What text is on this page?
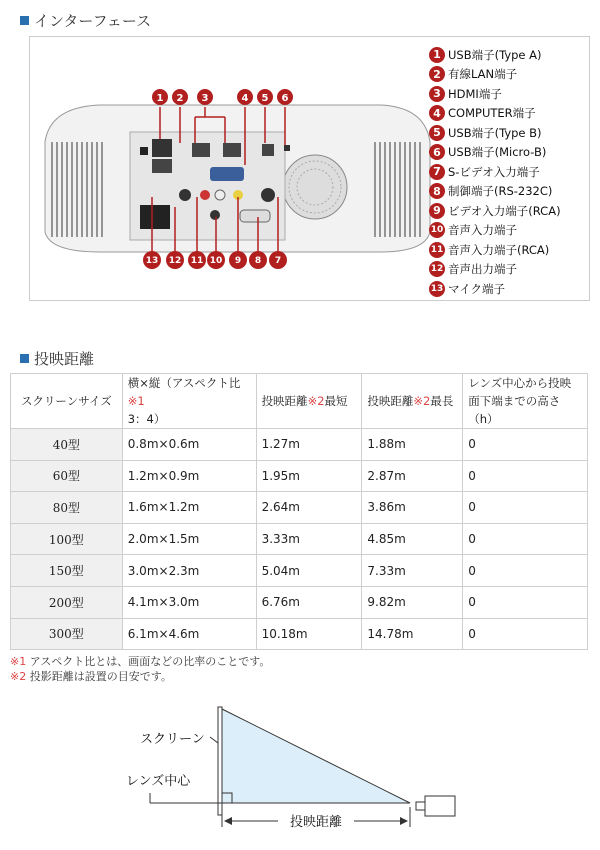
インターフェース
1 2 3	4 5 6
13 12 11 10 9 8 7
1 USB端子(Type A)
2 有線LAN端子
3 HDMI端子
4 COMPUTER端子
5 USB端子(Type B)
6 USB端子(Micro-B)
7 S-ビデオ入力端子
8 制御端子(RS-232C)
9 ビデオ入力端子(RCA)
10 音声入力端子
11 音声入力端子(RCA)
12 音声出力端子
13 マイク端子
投映距離
スクリーンサイズ	横×縦（アスペクト比※1
3：4）	投映距離※2最短	投映距離※2最長	レンズ中心から投映面下端までの高さ（h）
40型	0.8m×0.6m	1.27m	1.88m	0
60型	1.2m×0.9m	1.95m	2.87m	0
80型	1.6m×1.2m	2.64m	3.86m	0
100型	2.0m×1.5m	3.33m	4.85m	0
150型	3.0m×2.3m	5.04m	7.33m	0
200型	4.1m×3.0m	6.76m	9.82m	0
300型	6.1m×4.6m	10.18m	14.78m	0
※1 アスペクト比とは、画面などの比率のことです。
※2 投影距離は設置の目安です。
スクリーン
レンズ中心
投映距離
